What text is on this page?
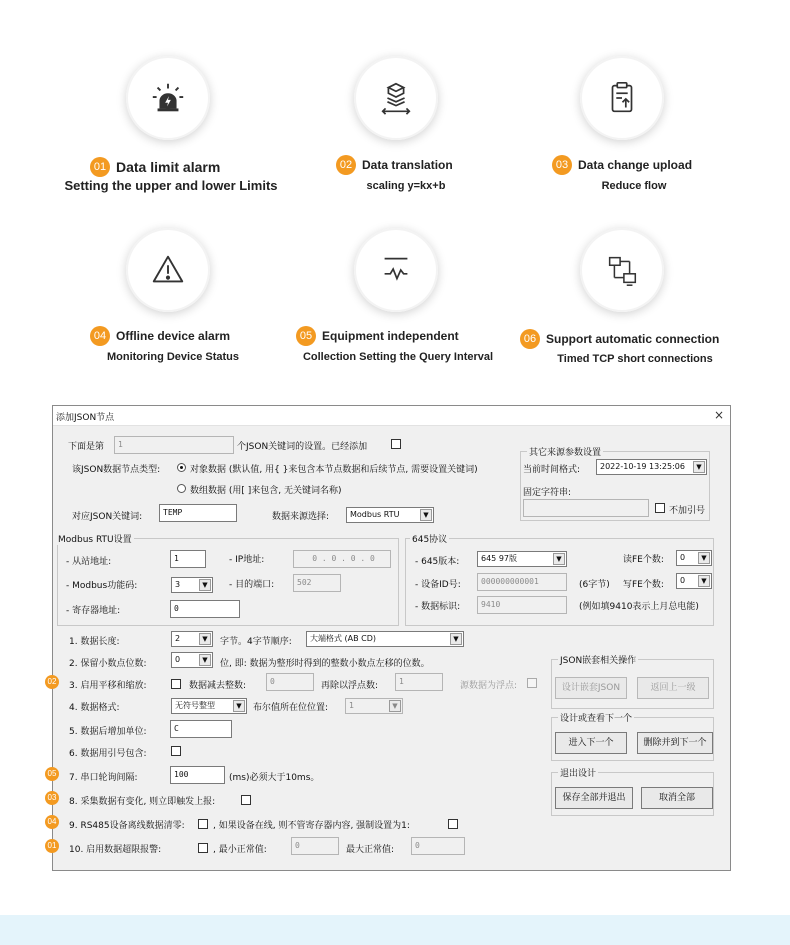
01 Data limit alarm
Setting the upper and lower Limits
02 Data translation
scaling y=kx+b
03 Data change upload
Reduce flow
04 Offline device alarm
Monitoring Device Status
05 Equipment independent
Collection Setting the Query Interval
06 Support automatic connection
Timed TCP short connections
添加JSON节点	×
下面是第	1	个JSON关键词的设置。已经添加
该JSON数据节点类型:	对象数据 (默认值, 用{ }来包含本节点数据和后续节点, 需要设置关键词)
数组数据 (用[ ]来包含, 无关键词名称)
对应JSON关键词:	TEMP	数据来源选择:	Modbus RTU	▼
其它来源参数设置
当前时间格式:	2022-10-19 13:25:06	▼
固定字符串:
不加引号
Modbus RTU设置
- 从站地址:	1	- IP地址:	0 . 0 . 0 . 0
- Modbus功能码:	3	▼	- 目的端口:	502
- 寄存器地址:	0
645协议
- 645版本:	645 97版	▼	读FE个数:	0	▼
- 设备ID号:	000000000001	(6字节) 写FE个数:	0	▼
- 数据标识:	9410	(例如填9410表示上月总电能)
1. 数据长度:	2	▼	字节。4字节顺序:	大端格式 (AB CD)	▼
2. 保留小数点位数:	0	▼	位, 即: 数据为整形时得到的整数小数点左移的位数。
02 3. 启用平移和缩放:	数据减去整数:	0	再除以浮点数:	1	源数据为浮点:
4. 数据格式:	无符号整型	▼	布尔值所在位位置:	1	▼
5. 数据后增加单位:	C
6. 数据用引号包含:
05 7. 串口轮询间隔:	100	(ms)必须大于10ms。
03 8. 采集数据有变化, 则立即触发上报:
04 9. RS485设备离线数据清零:	, 如果设备在线, 则不管寄存器内容, 强制设置为1:
01 10. 启用数据超限报警:	, 最小正常值:	0	最大正常值:	0
JSON嵌套相关操作
设计嵌套JSON	返回上一级
设计或查看下一个
进入下一个	删除并到下一个
退出设计
保存全部并退出	取消全部
